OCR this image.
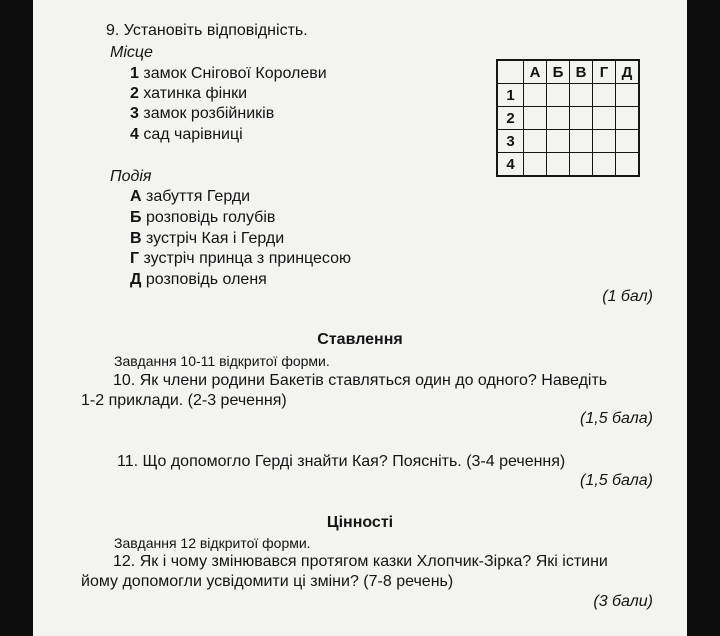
9. Установіть відповідність.
Місце
1 замок Снігової Королеви
2 хатинка фінки
3 замок розбійників
4 сад чарівниці
	А	Б	В	Г	Д
1					
2					
3					
4					
Подія
А забуття Герди
Б розповідь голубів
В зустріч Кая і Герди
Г зустріч принца з принцесою
Д розповідь оленя
(1 бал)
Ставлення
Завдання 10-11 відкритої форми.
10. Як члени родини Бакетів ставляться один до одного? Наведіть
1-2 приклади. (2-3 речення)
(1,5 бала)
11. Що допомогло Герді знайти Кая? Поясніть. (3-4 речення)
(1,5 бала)
Цінності
Завдання 12 відкритої форми.
12. Як і чому змінювався протягом казки Хлопчик-Зірка? Які істини
йому допомогли усвідомити ці зміни? (7-8 речень)
(3 бали)
